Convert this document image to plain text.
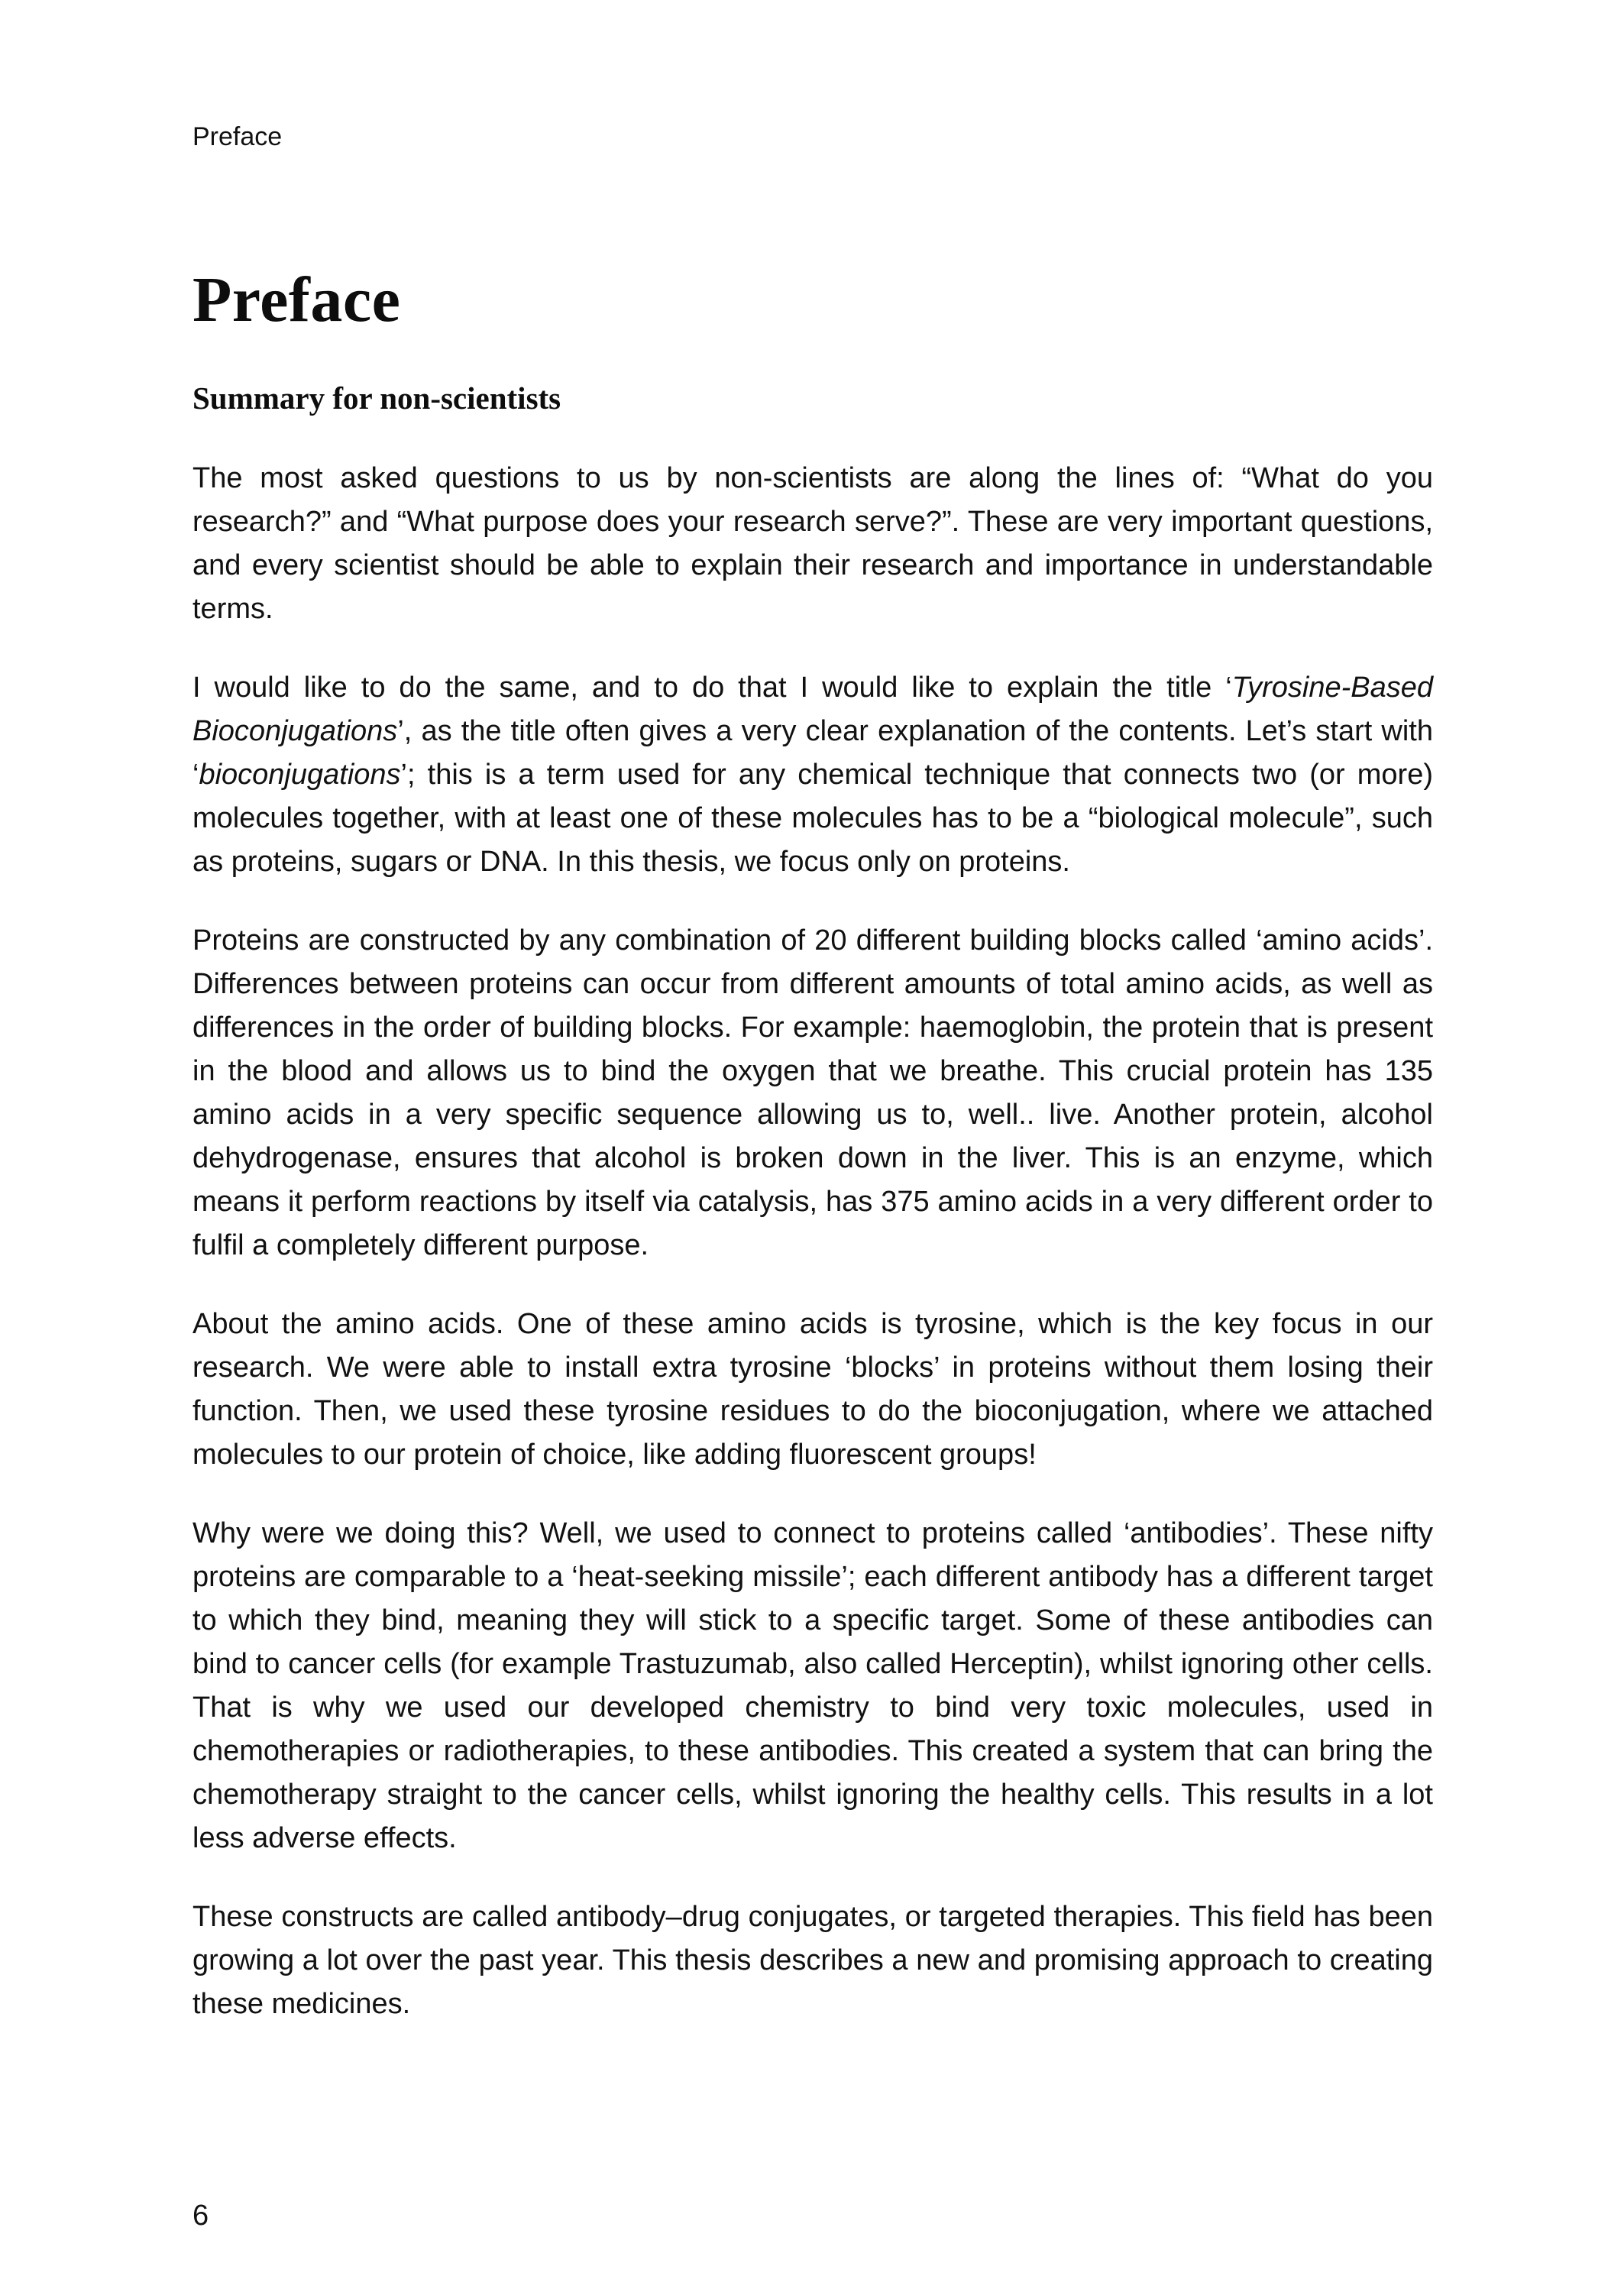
Preface

Preface
Summary for non-scientists

The most asked questions to us by non-scientists are along the lines of: “What do you research?” and “What purpose does your research serve?”. These are very important questions, and every scientist should be able to explain their research and importance in understandable terms.

I would like to do the same, and to do that I would like to explain the title ‘Tyrosine-Based Bioconjugations’, as the title often gives a very clear explanation of the contents. Let’s start with ‘bioconjugations’; this is a term used for any chemical technique that connects two (or more) molecules together, with at least one of these molecules has to be a “biological molecule”, such as proteins, sugars or DNA. In this thesis, we focus only on proteins.

Proteins are constructed by any combination of 20 different building blocks called ‘amino acids’. Differences between proteins can occur from different amounts of total amino acids, as well as differences in the order of building blocks. For example: haemoglobin, the protein that is present in the blood and allows us to bind the oxygen that we breathe. This crucial protein has 135 amino acids in a very specific sequence allowing us to, well.. live. Another protein, alcohol dehydrogenase, ensures that alcohol is broken down in the liver. This is an enzyme, which means it perform reactions by itself via catalysis, has 375 amino acids in a very different order to fulfil a completely different purpose.

About the amino acids. One of these amino acids is tyrosine, which is the key focus in our research. We were able to install extra tyrosine ‘blocks’ in proteins without them losing their function. Then, we used these tyrosine residues to do the bioconjugation, where we attached molecules to our protein of choice, like adding fluorescent groups!

Why were we doing this? Well, we used to connect to proteins called ‘antibodies’. These nifty proteins are comparable to a ‘heat-seeking missile’; each different antibody has a different target to which they bind, meaning they will stick to a specific target. Some of these antibodies can bind to cancer cells (for example Trastuzumab, also called Herceptin), whilst ignoring other cells. That is why we used our developed chemistry to bind very toxic molecules, used in chemotherapies or radiotherapies, to these antibodies. This created a system that can bring the chemotherapy straight to the cancer cells, whilst ignoring the healthy cells. This results in a lot less adverse effects.

These constructs are called antibody–drug conjugates, or targeted therapies. This field has been growing a lot over the past year. This thesis describes a new and promising approach to creating these medicines.

6
